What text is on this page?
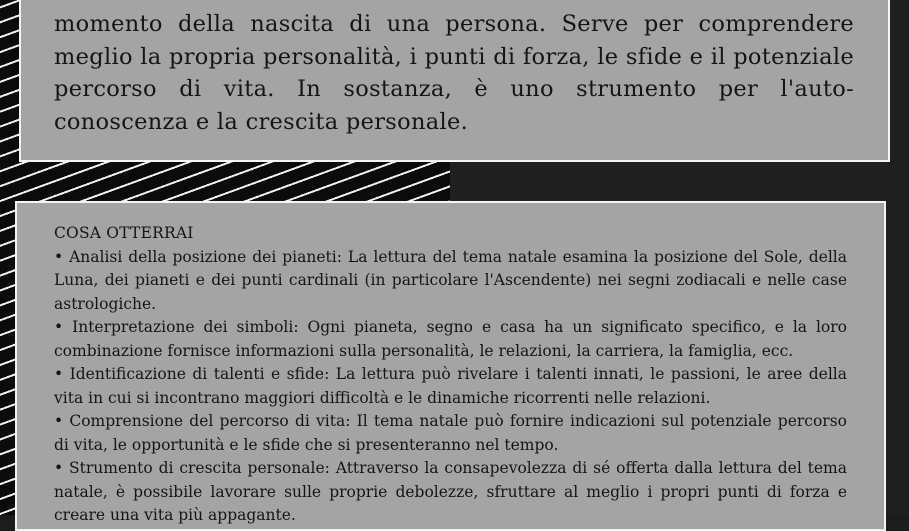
momento della nascita di una persona. Serve per comprendere meglio la propria personalità, i punti di forza, le sfide e il potenziale percorso di vita. In sostanza, è uno strumento per l'auto-conoscenza e la crescita personale.

COSA OTTERRAI

• Analisi della posizione dei pianeti: La lettura del tema natale esamina la posizione del Sole, della Luna, dei pianeti e dei punti cardinali (in particolare l'Ascendente) nei segni zodiacali e nelle case astrologiche.

• Interpretazione dei simboli: Ogni pianeta, segno e casa ha un significato specifico, e la loro combinazione fornisce informazioni sulla personalità, le relazioni, la carriera, la famiglia, ecc.

• Identificazione di talenti e sfide: La lettura può rivelare i talenti innati, le passioni, le aree della vita in cui si incontrano maggiori difficoltà e le dinamiche ricorrenti nelle relazioni.

• Comprensione del percorso di vita: Il tema natale può fornire indicazioni sul potenziale percorso di vita, le opportunità e le sfide che si presenteranno nel tempo.

• Strumento di crescita personale: Attraverso la consapevolezza di sé offerta dalla lettura del tema natale, è possibile lavorare sulle proprie debolezze, sfruttare al meglio i propri punti di forza e creare una vita più appagante.
